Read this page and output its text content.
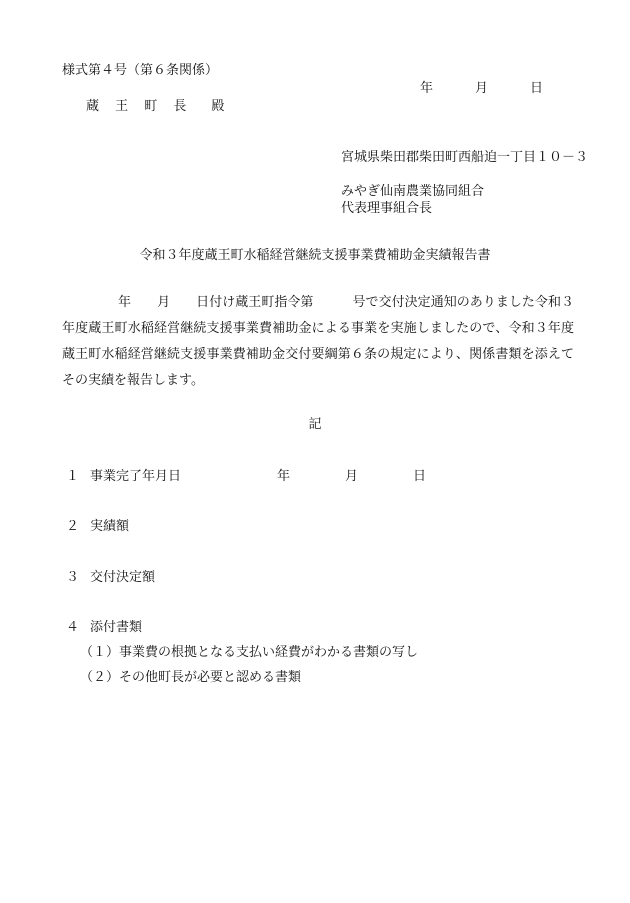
様式第４号（第６条関係）
年	月	日
蔵 王 町 長　殿
宮城県柴田郡柴田町西船迫一丁目１０－３
みやぎ仙南農業協同組合
代表理事組合長
令和３年度蔵王町水稲経営継続支援事業費補助金実績報告書
年　　月　　日付け蔵王町指令第　　　号で交付決定通知のありました令和３年度蔵王町水稲経営継続支援事業費補助金による事業を実施しましたので、令和３年度蔵王町水稲経営継続支援事業費補助金交付要綱第６条の規定により、関係書類を添えてその実績を報告します。
記
１ 事業完了年月日	年	月	日
２ 実績額
３ 交付決定額
４ 添付書類
（１）事業費の根拠となる支払い経費がわかる書類の写し
（２）その他町長が必要と認める書類
